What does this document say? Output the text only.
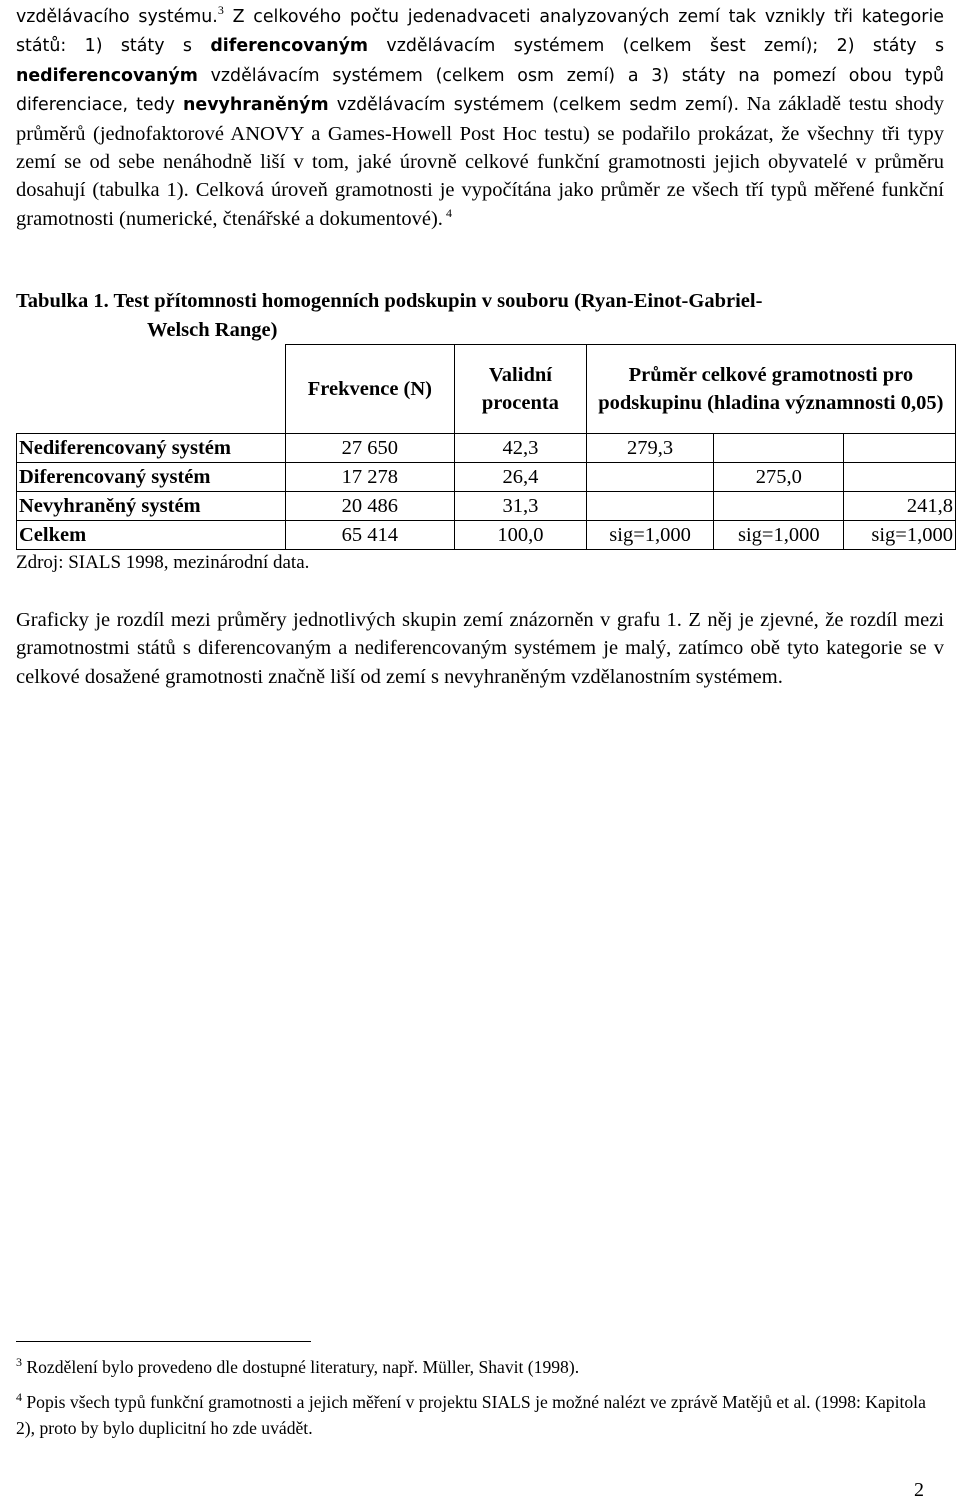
vzdělávacího systému.$^3$ Z celkového počtu jedenadvaceti analyzovaných zemí tak vznikly tři kategorie států: 1) státy s diferencovaným vzdělávacím systémem (celkem šest zemí); 2) státy s nediferencovaným vzdělávacím systémem (celkem osm zemí) a 3) státy na pomezí obou typů diferenciace, tedy nevyhraněným vzdělávacím systémem (celkem sedm zemí). Na základě testu shody průměrů (jednofaktorové ANOVY a Games-Howell Post Hoc testu) se podařilo prokázat, že všechny tři typy zemí se od sebe nenáhodně liší v tom, jaké úrovně celkové funkční gramotnosti jejich obyvatelé v průměru dosahují (tabulka 1). Celková úroveň gramotnosti je vypočítána jako průměr ze všech tří typů měřené funkční gramotnosti (numerické, čtenářské a dokumentové). $^4$

Tabulka 1. Test přítomnosti homogenních podskupin v souboru (Ryan-Einot-Gabriel-
Welsch Range)
	Frekvence (N)	Validní procenta	Průměr celkové gramotnosti pro podskupinu (hladina významnosti 0,05)		
Nediferencovaný systém	27 650	42,3	279,3		
Diferencovaný systém	17 278	26,4		275,0	
Nevyhraněný systém	20 486	31,3			241,8
Celkem	65 414	100,0	sig=1,000	sig=1,000	sig=1,000
Zdroj: SIALS 1998, mezinárodní data.

Graficky je rozdíl mezi průměry jednotlivých skupin zemí znázorněn v grafu 1. Z něj je zjevné, že rozdíl mezi gramotnostmi států s diferencovaným a nediferencovaným systémem je malý, zatímco obě tyto kategorie se v celkové dosažené gramotnosti značně liší od zemí s nevyhraněným vzdělanostním systémem.

$^3$ Rozdělení bylo provedeno dle dostupné literatury, např. Müller, Shavit (1998).

$^4$ Popis všech typů funkční gramotnosti a jejich měření v projektu SIALS je možné nalézt ve zprávě Matějů et al. (1998: Kapitola 2), proto by bylo duplicitní ho zde uvádět.

2
